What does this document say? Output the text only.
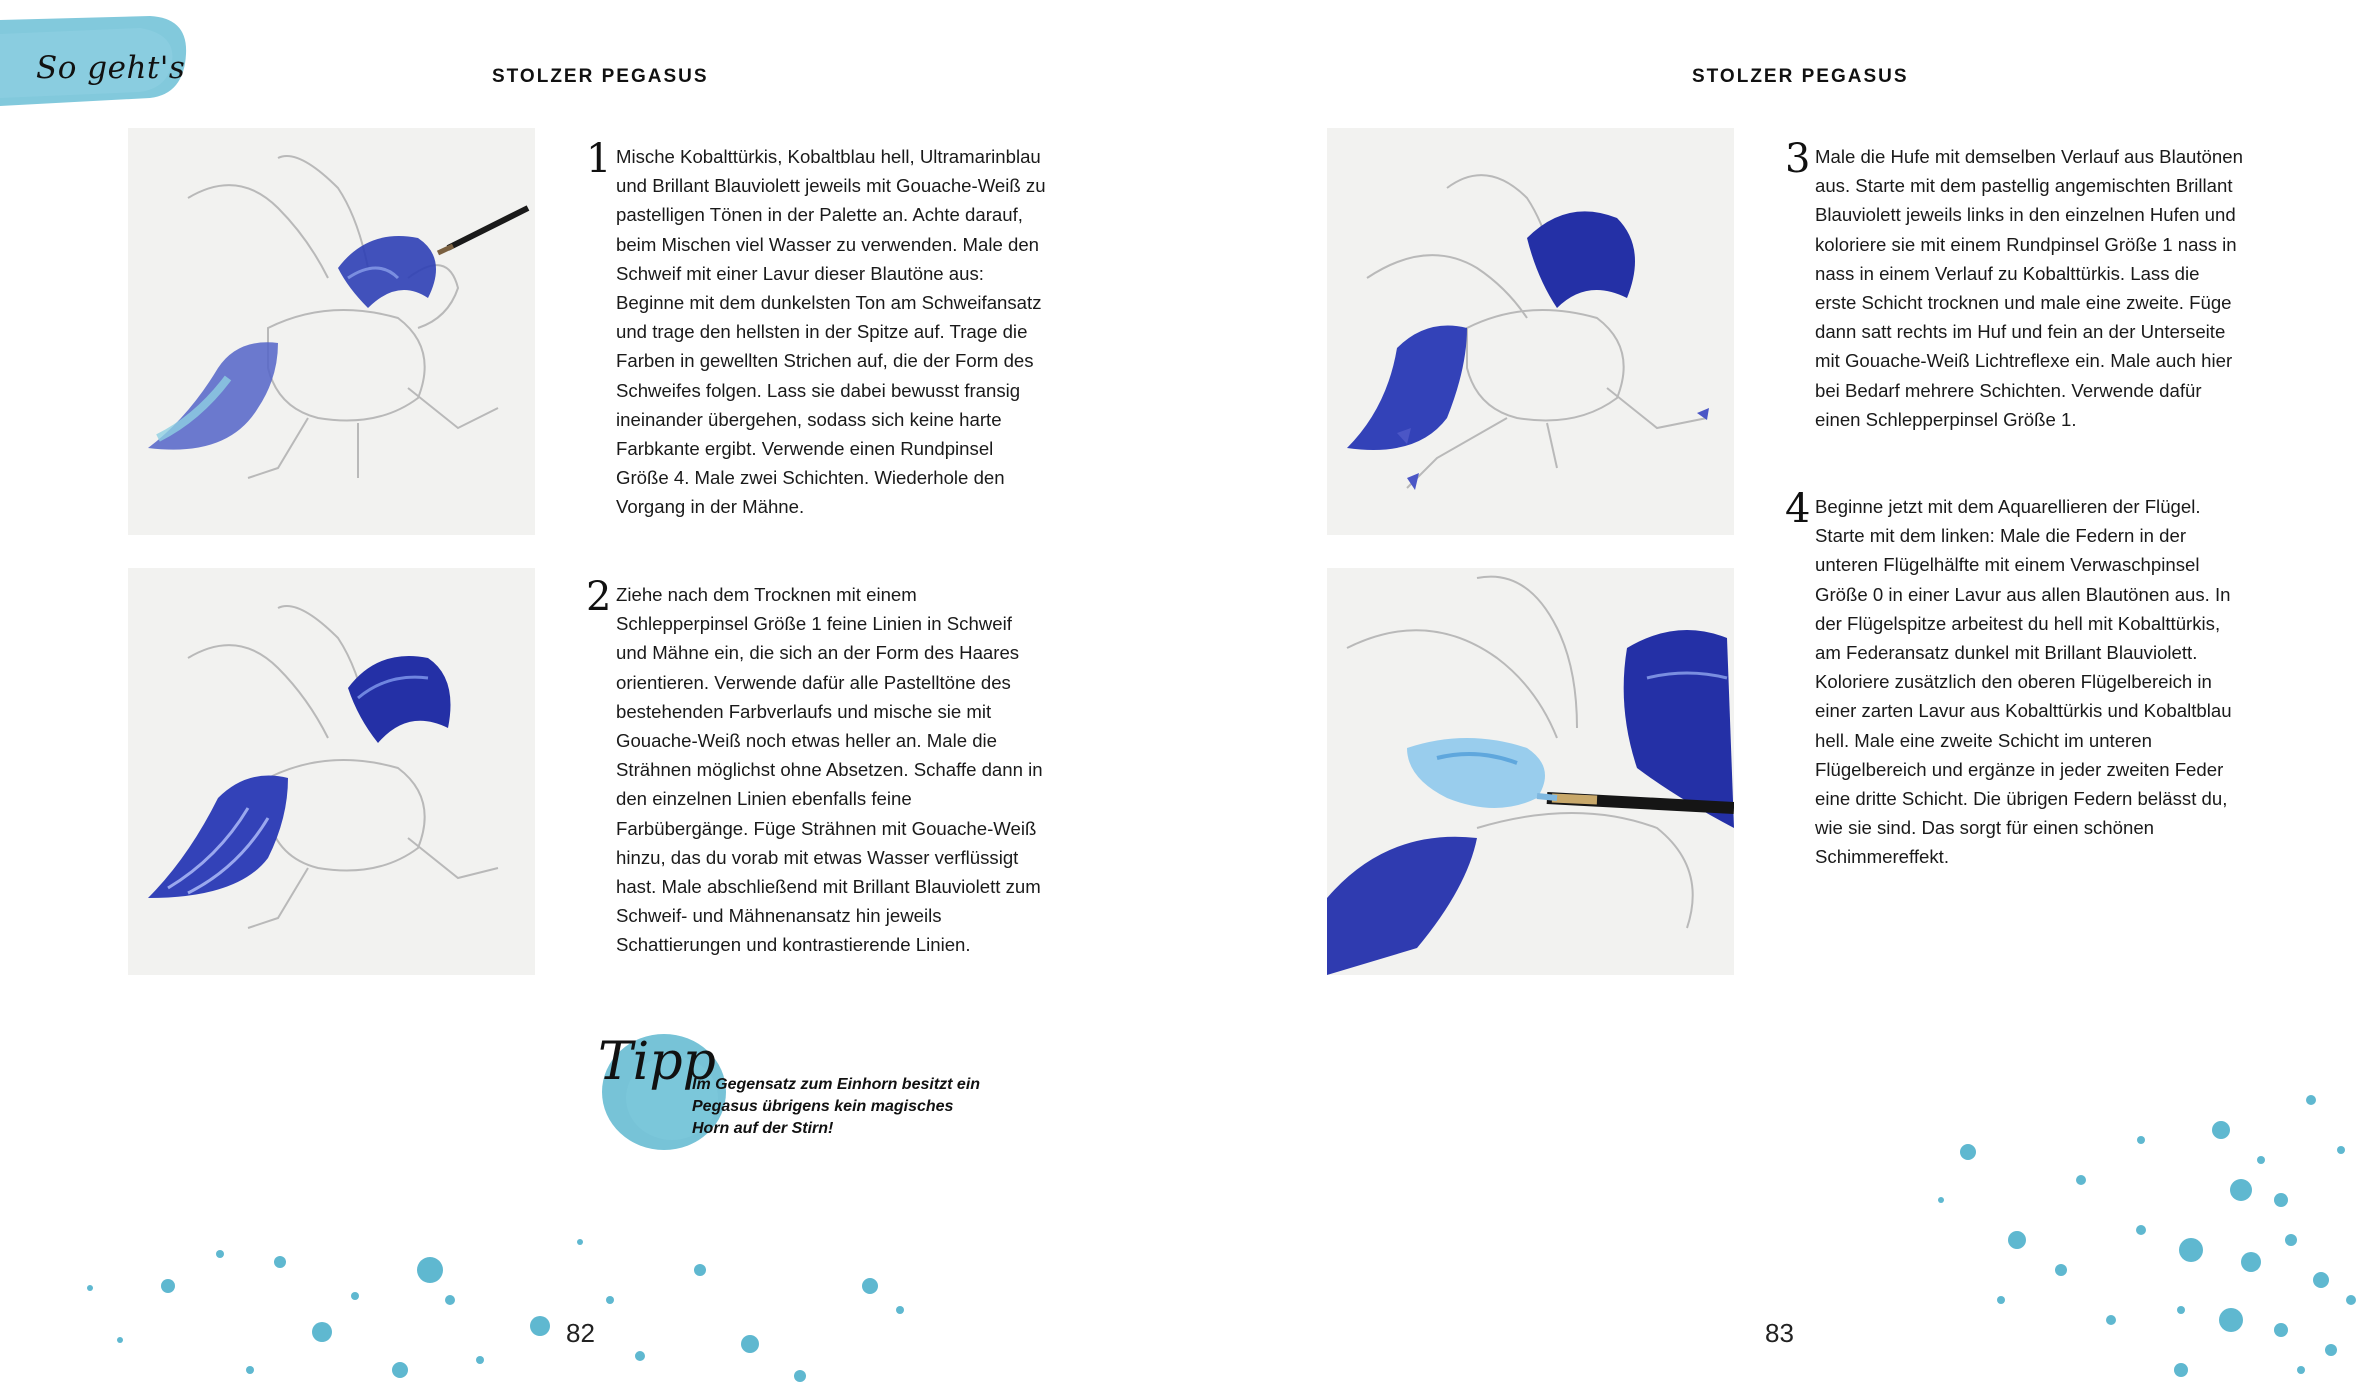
So geht's	STOLZER PEGASUS
1 Mische Kobalttürkis, Kobaltblau hell, Ultramarinblau und Brillant Blauviolett jeweils mit Gouache-Weiß zu pastelligen Tönen in der Palette an. Achte darauf, beim Mischen viel Wasser zu verwenden. Male den Schweif mit einer Lavur dieser Blautöne aus: Beginne mit dem dunkelsten Ton am Schweifansatz und trage den hellsten in der Spitze auf. Trage die Farben in gewellten Strichen auf, die der Form des Schweifes folgen. Lass sie dabei bewusst fransig ineinander übergehen, sodass sich keine harte Farbkante ergibt. Verwende einen Rundpinsel Größe 4. Male zwei Schichten. Wiederhole den Vorgang in der Mähne.

2 Ziehe nach dem Trocknen mit einem Schlepperpinsel Größe 1 feine Linien in Schweif und Mähne ein, die sich an der Form des Haares orientieren. Verwende dafür alle Pastelltöne des bestehenden Farbverlaufs und mische sie mit Gouache-Weiß noch etwas heller an. Male die Strähnen möglichst ohne Absetzen. Schaffe dann in den einzelnen Linien ebenfalls feine Farbübergänge. Füge Strähnen mit Gouache-Weiß hinzu, das du vorab mit etwas Wasser verflüssigt hast. Male abschließend mit Brillant Blauviolett zum Schweif- und Mähnenansatz hin jeweils Schattierungen und kontrastierende Linien.

Tipp
Im Gegensatz zum Einhorn besitzt ein Pegasus übrigens kein magisches Horn auf der Stirn!
82
STOLZER PEGASUS
3 Male die Hufe mit demselben Verlauf aus Blautönen aus. Starte mit dem pastellig angemischten Brillant Blauviolett jeweils links in den einzelnen Hufen und koloriere sie mit einem Rundpinsel Größe 1 nass in nass in einem Verlauf zu Kobalttürkis. Lass die erste Schicht trocknen und male eine zweite. Füge dann satt rechts im Huf und fein an der Unterseite mit Gouache-Weiß Lichtreflexe ein. Male auch hier bei Bedarf mehrere Schichten. Verwende dafür einen Schlepperpinsel Größe 1.

4 Beginne jetzt mit dem Aquarellieren der Flügel. Starte mit dem linken: Male die Federn in der unteren Flügelhälfte mit einem Verwaschpinsel Größe 0 in einer Lavur aus allen Blautönen aus. In der Flügelspitze arbeitest du hell mit Kobalttürkis, am Federansatz dunkel mit Brillant Blauviolett. Koloriere zusätzlich den oberen Flügelbereich in einer zarten Lavur aus Kobalttürkis und Kobaltblau hell. Male eine zweite Schicht im unteren Flügelbereich und ergänze in jeder zweiten Feder eine dritte Schicht. Die übrigen Federn belässt du, wie sie sind. Das sorgt für einen schönen Schimmereffekt.

83
